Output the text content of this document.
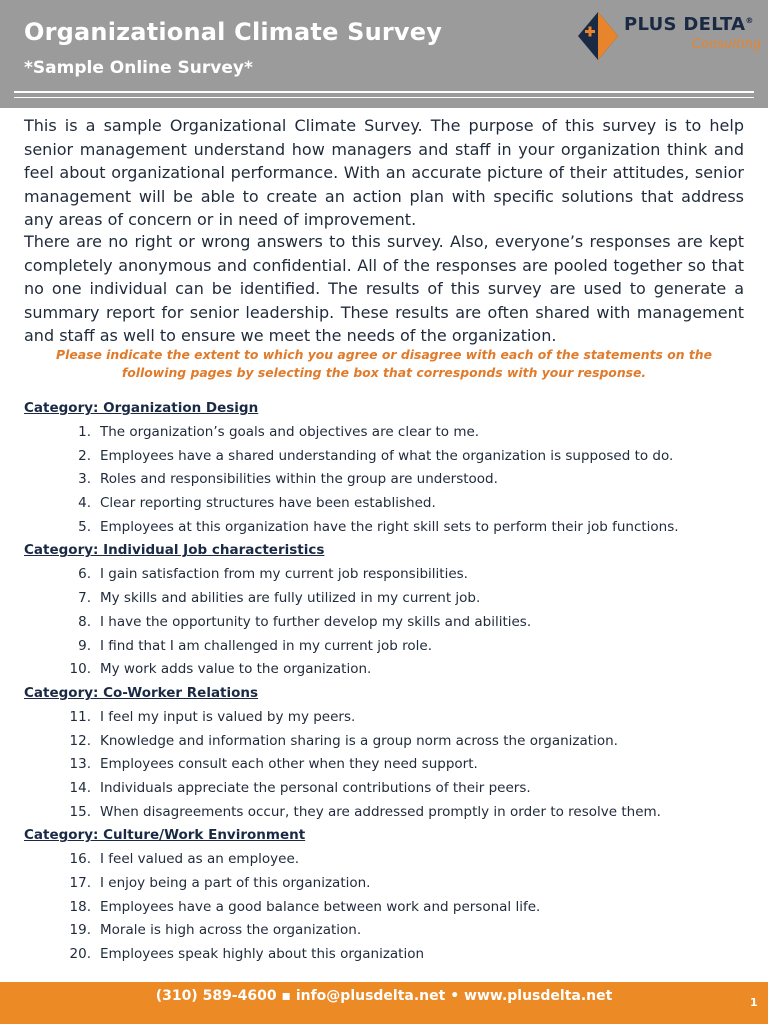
Organizational Climate Survey
*Sample Online Survey*
PLUS DELTA®
Consulting
This is a sample Organizational Climate Survey. The purpose of this survey is to help senior management understand how managers and staff in your organization think and feel about organizational performance. With an accurate picture of their attitudes, senior management will be able to create an action plan with specific solutions that address any areas of concern or in need of improvement.
There are no right or wrong answers to this survey. Also, everyone’s responses are kept completely anonymous and confidential. All of the responses are pooled together so that no one individual can be identified. The results of this survey are used to generate a summary report for senior leadership. These results are often shared with management and staff as well to ensure we meet the needs of the organization.
Please indicate the extent to which you agree or disagree with each of the statements on the following pages by selecting the box that corresponds with your response.
Category: Organization Design
1. The organization’s goals and objectives are clear to me.
2. Employees have a shared understanding of what the organization is supposed to do.
3. Roles and responsibilities within the group are understood.
4. Clear reporting structures have been established.
5. Employees at this organization have the right skill sets to perform their job functions.
Category: Individual Job characteristics
6. I gain satisfaction from my current job responsibilities.
7. My skills and abilities are fully utilized in my current job.
8. I have the opportunity to further develop my skills and abilities.
9. I find that I am challenged in my current job role.
10. My work adds value to the organization.
Category: Co-Worker Relations
11. I feel my input is valued by my peers.
12. Knowledge and information sharing is a group norm across the organization.
13. Employees consult each other when they need support.
14. Individuals appreciate the personal contributions of their peers.
15. When disagreements occur, they are addressed promptly in order to resolve them.
Category: Culture/Work Environment
16. I feel valued as an employee.
17. I enjoy being a part of this organization.
18. Employees have a good balance between work and personal life.
19. Morale is high across the organization.
20. Employees speak highly about this organization
(310) 589-4600 ▪ info@plusdelta.net • www.plusdelta.net	1
